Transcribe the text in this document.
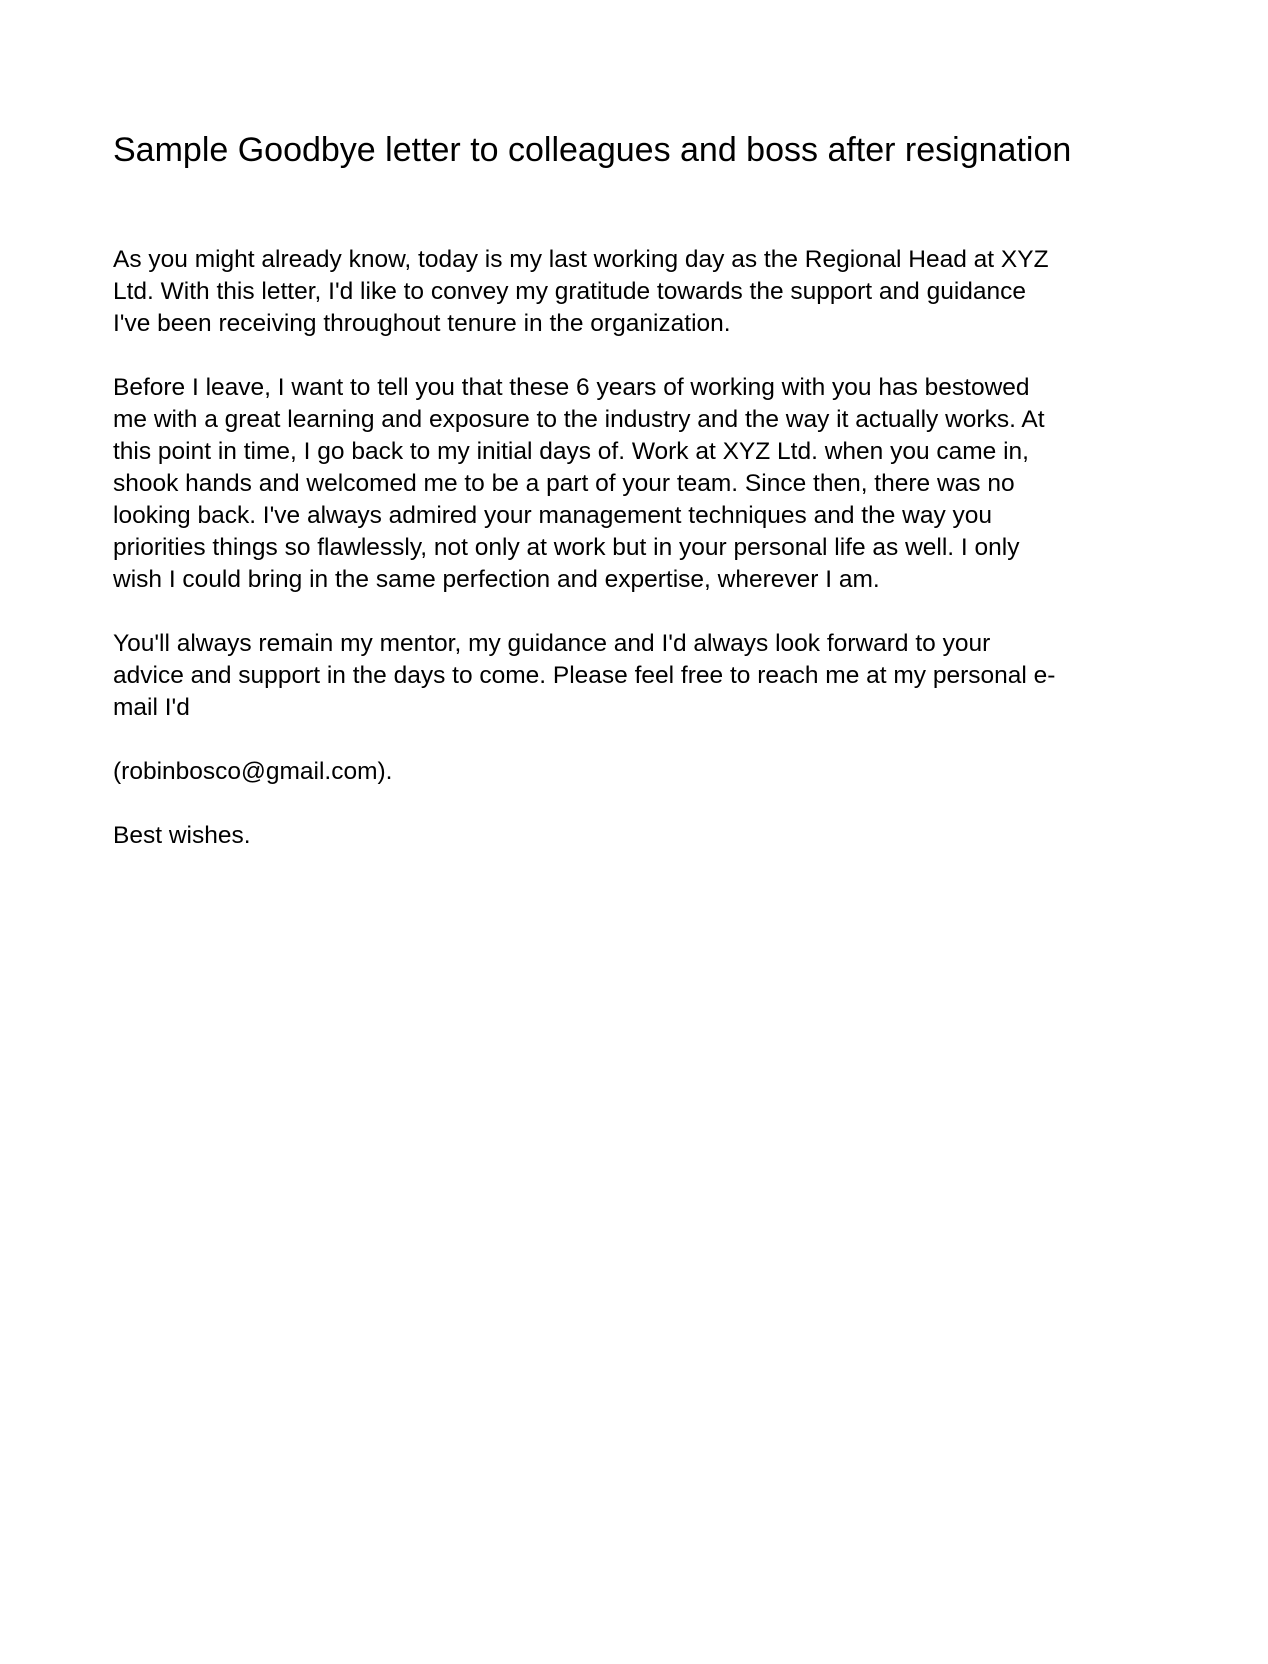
Sample Goodbye letter to colleagues and boss after resignation

As you might already know, today is my last working day as the Regional Head at XYZ Ltd. With this letter, I'd like to convey my gratitude towards the support and guidance I've been receiving throughout tenure in the organization.

Before I leave, I want to tell you that these 6 years of working with you has bestowed me with a great learning and exposure to the industry and the way it actually works. At this point in time, I go back to my initial days of. Work at XYZ Ltd. when you came in, shook hands and welcomed me to be a part of your team. Since then, there was no looking back. I've always admired your management techniques and the way you priorities things so flawlessly, not only at work but in your personal life as well. I only wish I could bring in the same perfection and expertise, wherever I am.

You'll always remain my mentor, my guidance and I'd always look forward to your advice and support in the days to come. Please feel free to reach me at my personal e-mail I'd

(robinbosco@gmail.com).

Best wishes.
